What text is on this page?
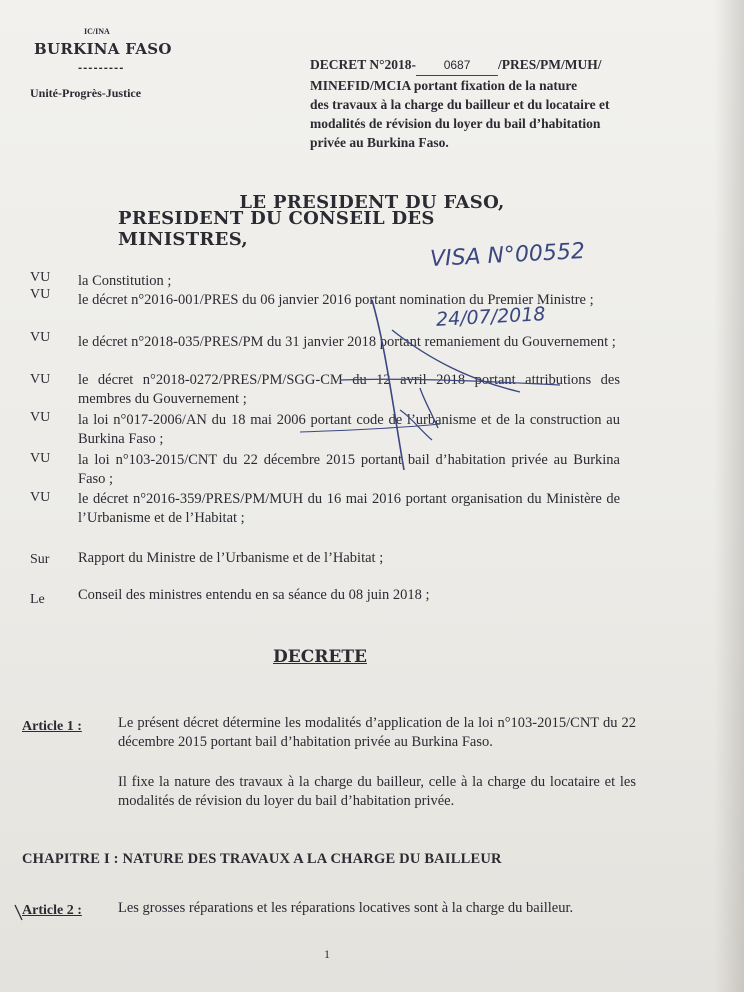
IC/INA
BURKINA FASO
---------
Unité-Progrès-Justice
DECRET N°2018- 0687 /PRES/PM/MUH/
MINEFID/MCIA portant fixation de la nature
des travaux à la charge du bailleur et du locataire et
modalités de révision du loyer du bail d’habitation
privée au Burkina Faso.
LE PRESIDENT DU FASO,
PRESIDENT DU CONSEIL DES MINISTRES,
VU la Constitution ;
VU le décret n°2016-001/PRES du 06 janvier 2016 portant nomination du Premier Ministre ;
VU le décret n°2018-035/PRES/PM du 31 janvier 2018 portant remaniement du Gouvernement ;
VU le décret n°2018-0272/PRES/PM/SGG-CM du 12 avril 2018 portant attributions des membres du Gouvernement ;
VU la loi n°017-2006/AN du 18 mai 2006 portant code de l’urbanisme et de la construction au Burkina Faso ;
VU la loi n°103-2015/CNT du 22 décembre 2015 portant bail d’habitation privée au Burkina Faso ;
VU le décret n°2016-359/PRES/PM/MUH du 16 mai 2016 portant organisation du Ministère de l’Urbanisme et de l’Habitat ;
Sur Rapport du Ministre de l’Urbanisme et de l’Habitat ;
Le Conseil des ministres entendu en sa séance du 08 juin 2018 ;
DECRETE
Article 1 : Le présent décret détermine les modalités d’application de la loi n°103-2015/CNT du 22 décembre 2015 portant bail d’habitation privée au Burkina Faso.
Il fixe la nature des travaux à la charge du bailleur, celle à la charge du locataire et les modalités de révision du loyer du bail d’habitation privée.
CHAPITRE I : NATURE DES TRAVAUX A LA CHARGE DU BAILLEUR
Article 2 : Les grosses réparations et les réparations locatives sont à la charge du bailleur.
1
VISA N°00552
24/07/2018
